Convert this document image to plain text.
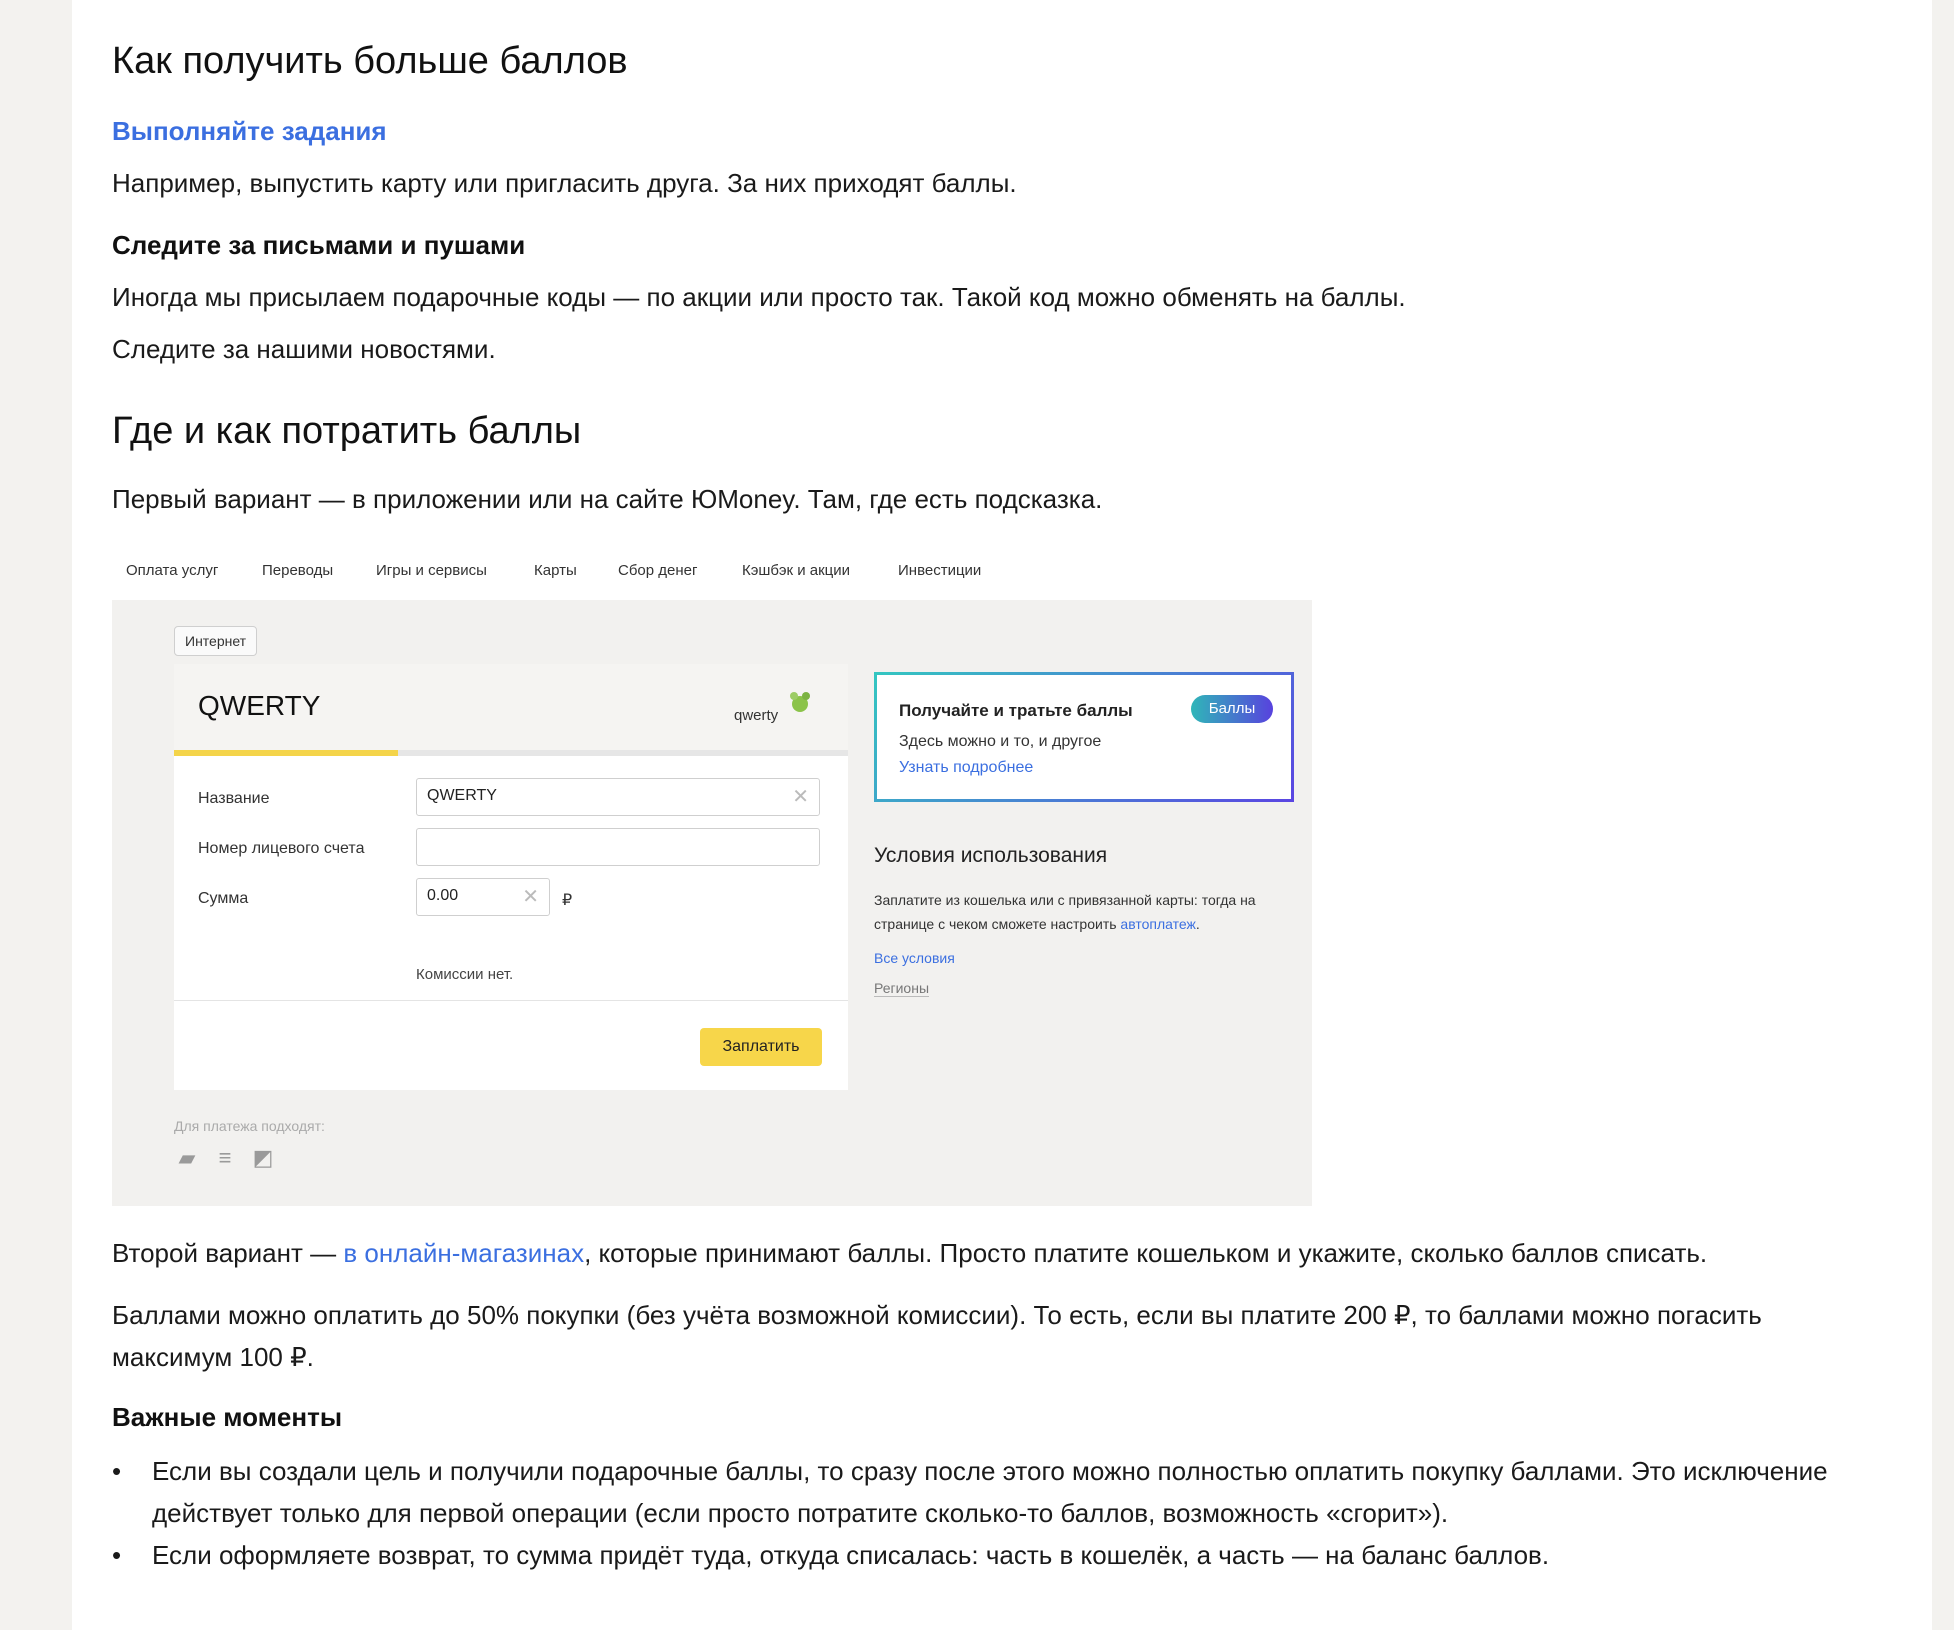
Как получить больше баллов
Выполняйте задания
Например, выпустить карту или пригласить друга. За них приходят баллы.
Следите за письмами и пушами
Иногда мы присылаем подарочные коды — по акции или просто так. Такой код можно обменять на баллы.
Следите за нашими новостями.
Где и как потратить баллы
Первый вариант — в приложении или на сайте ЮMoney. Там, где есть подсказка.
Оплата услуг	Переводы	Игры и сервисы	Карты	Сбор денег	Кэшбэк и акции	Инвестиции
Интернет
QWERTY	qwerty
Название	QWERTY	✕
Номер лицевого счета
Сумма	0.00	✕ ₽
Комиссии нет.
Заплатить
Для платежа подходят:
▰ ≡ ◩
Получайте и тратьте баллы	Баллы
Здесь можно и то, и другое
Узнать подробнее
Условия использования
Заплатите из кошелька или с привязанной карты: тогда на странице с чеком сможете настроить автоплатеж.
Все условия
Регионы
Второй вариант — в онлайн-магазинах, которые принимают баллы. Просто платите кошельком и укажите, сколько баллов списать.
Баллами можно оплатить до 50% покупки (без учёта возможной комиссии). То есть, если вы платите 200 ₽, то баллами можно погасить максимум 100 ₽.
Важные моменты
• Если вы создали цель и получили подарочные баллы, то сразу после этого можно полностью оплатить покупку баллами. Это исключение действует только для первой операции (если просто потратите сколько-то баллов, возможность «сгорит»).
• Если оформляете возврат, то сумма придёт туда, откуда списалась: часть в кошелёк, а часть — на баланс баллов.
